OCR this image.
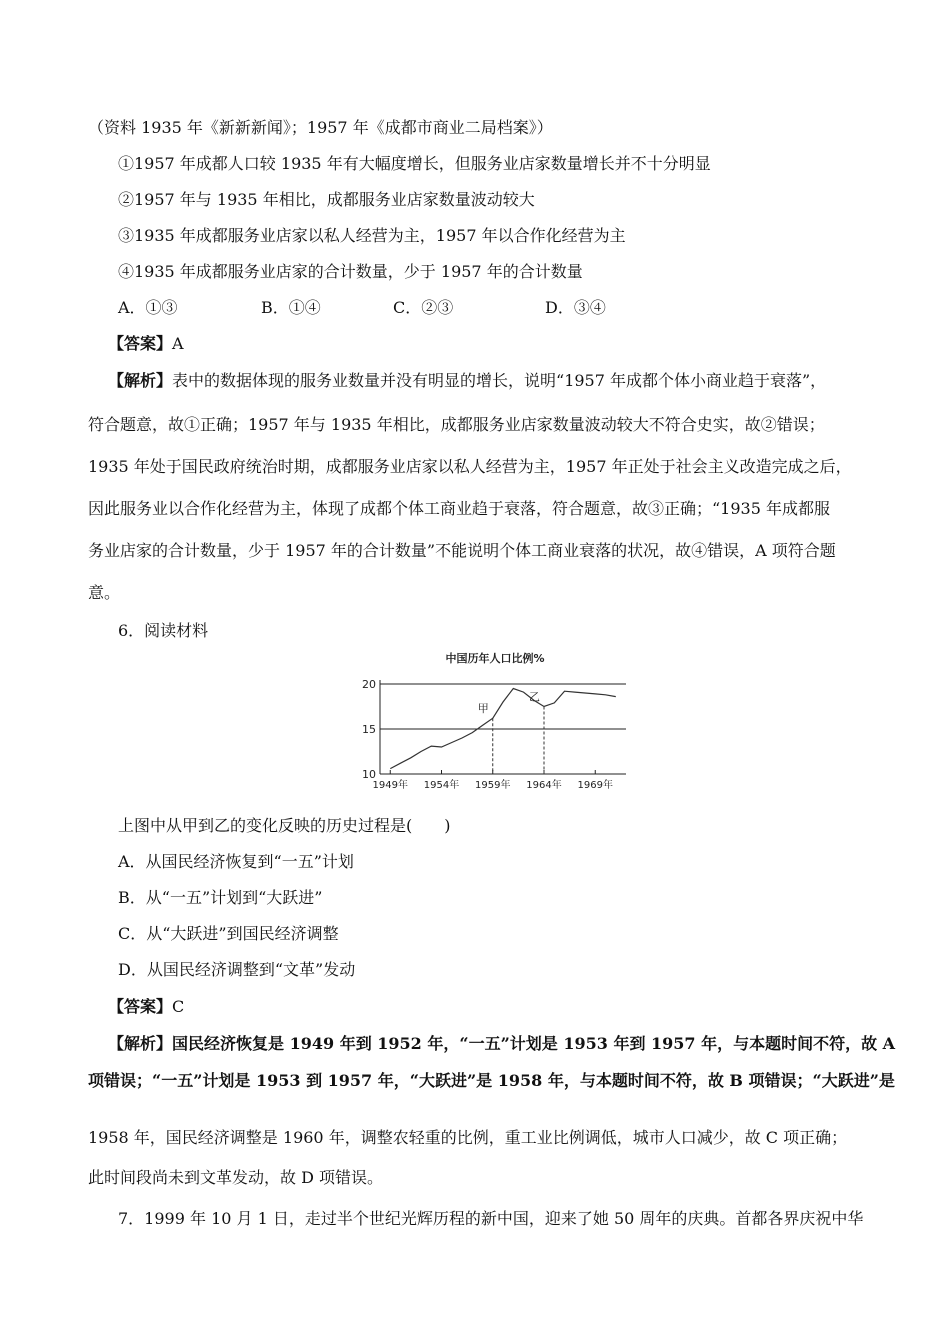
（资料 1935 年《新新新闻》；1957 年《成都市商业二局档案》）
①1957 年成都人口较 1935 年有大幅度增长，但服务业店家数量增长并不十分明显
②1957 年与 1935 年相比，成都服务业店家数量波动较大
③1935 年成都服务业店家以私人经营为主，1957 年以合作化经营为主
④1935 年成都服务业店家的合计数量，少于 1957 年的合计数量
A．①③	B．①④	C．②③	D．③④
【答案】A
【解析】表中的数据体现的服务业数量并没有明显的增长，说明“1957 年成都个体小商业趋于衰落”，
符合题意，故①正确；1957 年与 1935 年相比，成都服务业店家数量波动较大不符合史实，故②错误；
1935 年处于国民政府统治时期，成都服务业店家以私人经营为主，1957 年正处于社会主义改造完成之后，
因此服务业以合作化经营为主，体现了成都个体工商业趋于衰落，符合题意，故③正确；“1935 年成都服
务业店家的合计数量，少于 1957 年的合计数量”不能说明个体工商业衰落的状况，故④错误，A 项符合题
意。
6．阅读材料
中国历年人口比例%
10
15
20
1949年 1954年 1959年 1964年 1969年
甲
乙
上图中从甲到乙的变化反映的历史过程是(　　)
A．从国民经济恢复到“一五”计划
B．从“一五”计划到“大跃进”
C．从“大跃进”到国民经济调整
D．从国民经济调整到“文革”发动
【答案】C
【解析】国民经济恢复是 1949 年到 1952 年，“一五”计划是 1953 年到 1957 年，与本题时间不符，故 A
项错误；“一五”计划是 1953 到 1957 年，“大跃进”是 1958 年，与本题时间不符，故 B 项错误；“大跃进”是
1958 年，国民经济调整是 1960 年，调整农轻重的比例，重工业比例调低，城市人口减少，故 C 项正确；
此时间段尚未到文革发动，故 D 项错误。
7．1999 年 10 月 1 日，走过半个世纪光辉历程的新中国，迎来了她 50 周年的庆典。首都各界庆祝中华
